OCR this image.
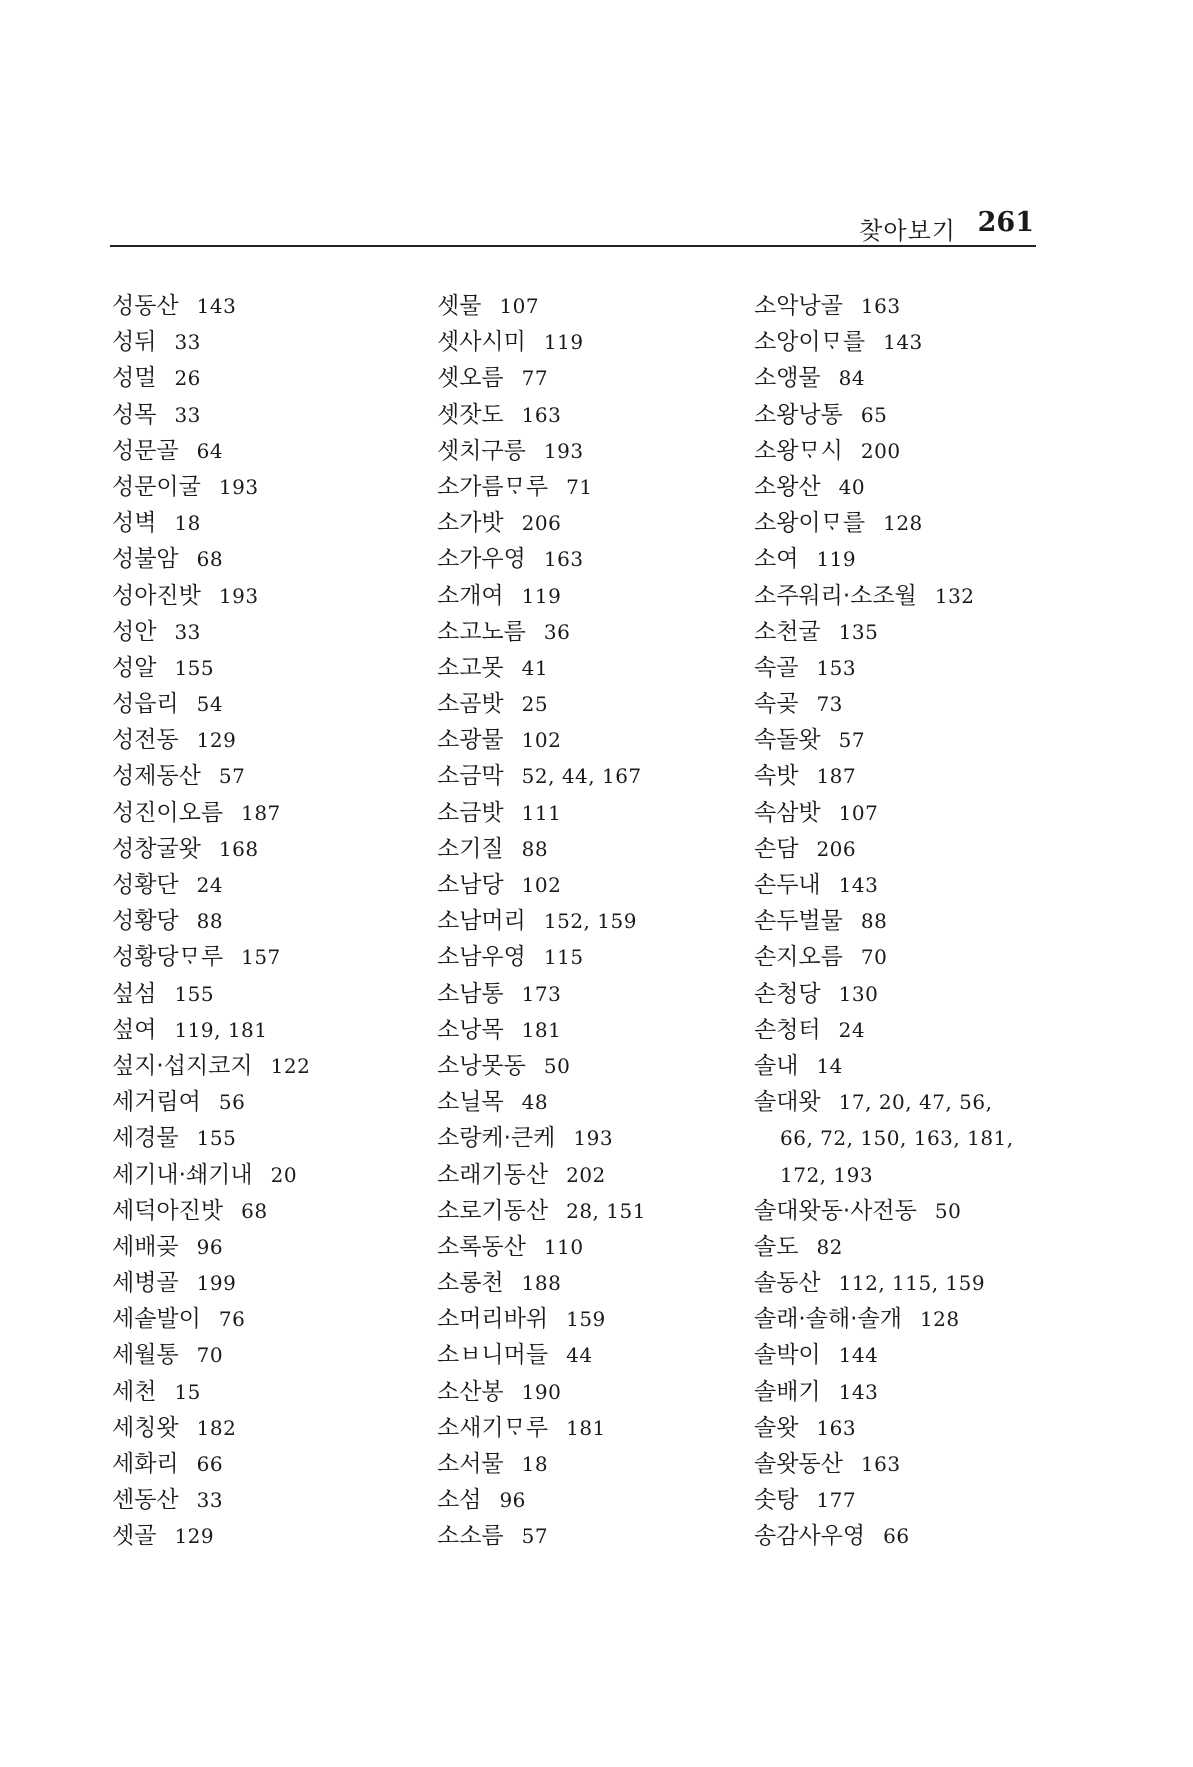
찾아보기 261
성동산 143
성뒤 33
성멀 26
성목 33
성문골 64
성문이굴 193
성벽 18
성불암 68
성아진밧 193
성안 33
성알 155
성읍리 54
성전동 129
성제동산 57
성진이오름 187
성창굴왓 168
성황단 24
성황당 88
성황당ᄆᆞ루 157
섶섬 155
섶여 119, 181
섶지·섭지코지 122
세거림여 56
세경물 155
세기내·쇄기내 20
세덕아진밧 68
세배곶 96
세병골 199
세솥발이 76
세월통 70
세천 15
세칭왓 182
세화리 66
센동산 33
셋골 129
셋물 107
셋사시미 119
셋오름 77
셋잣도 163
셋치구릉 193
소가름ᄆᆞ루 71
소가밧 206
소가우영 163
소개여 119
소고노름 36
소고못 41
소곰밧 25
소광물 102
소금막 52, 44, 167
소금밧 111
소기질 88
소남당 102
소남머리 152, 159
소남우영 115
소남통 173
소낭목 181
소낭못동 50
소닐목 48
소랑케·큰케 193
소래기동산 202
소로기동산 28, 151
소록동산 110
소롱천 188
소머리바위 159
소ㅂ니머들 44
소산봉 190
소새기ᄆᆞ루 181
소서물 18
소섬 96
소소름 57
소악낭골 163
소앙이ᄆᆞ를 143
소앵물 84
소왕낭통 65
소왕ᄆᆞ시 200
소왕산 40
소왕이ᄆᆞ를 128
소여 119
소주워리·소조월 132
소천굴 135
속골 153
속곶 73
속돌왓 57
속밧 187
속삼밧 107
손담 206
손두내 143
손두벌물 88
손지오름 70
손청당 130
손청터 24
솔내 14
솔대왓 17, 20, 47, 56,
66, 72, 150, 163, 181,
172, 193
솔대왓동·사전동 50
솔도 82
솔동산 112, 115, 159
솔래·솔해·솔개 128
솔박이 144
솔배기 143
솔왓 163
솔왓동산 163
솟탕 177
송감사우영 66
